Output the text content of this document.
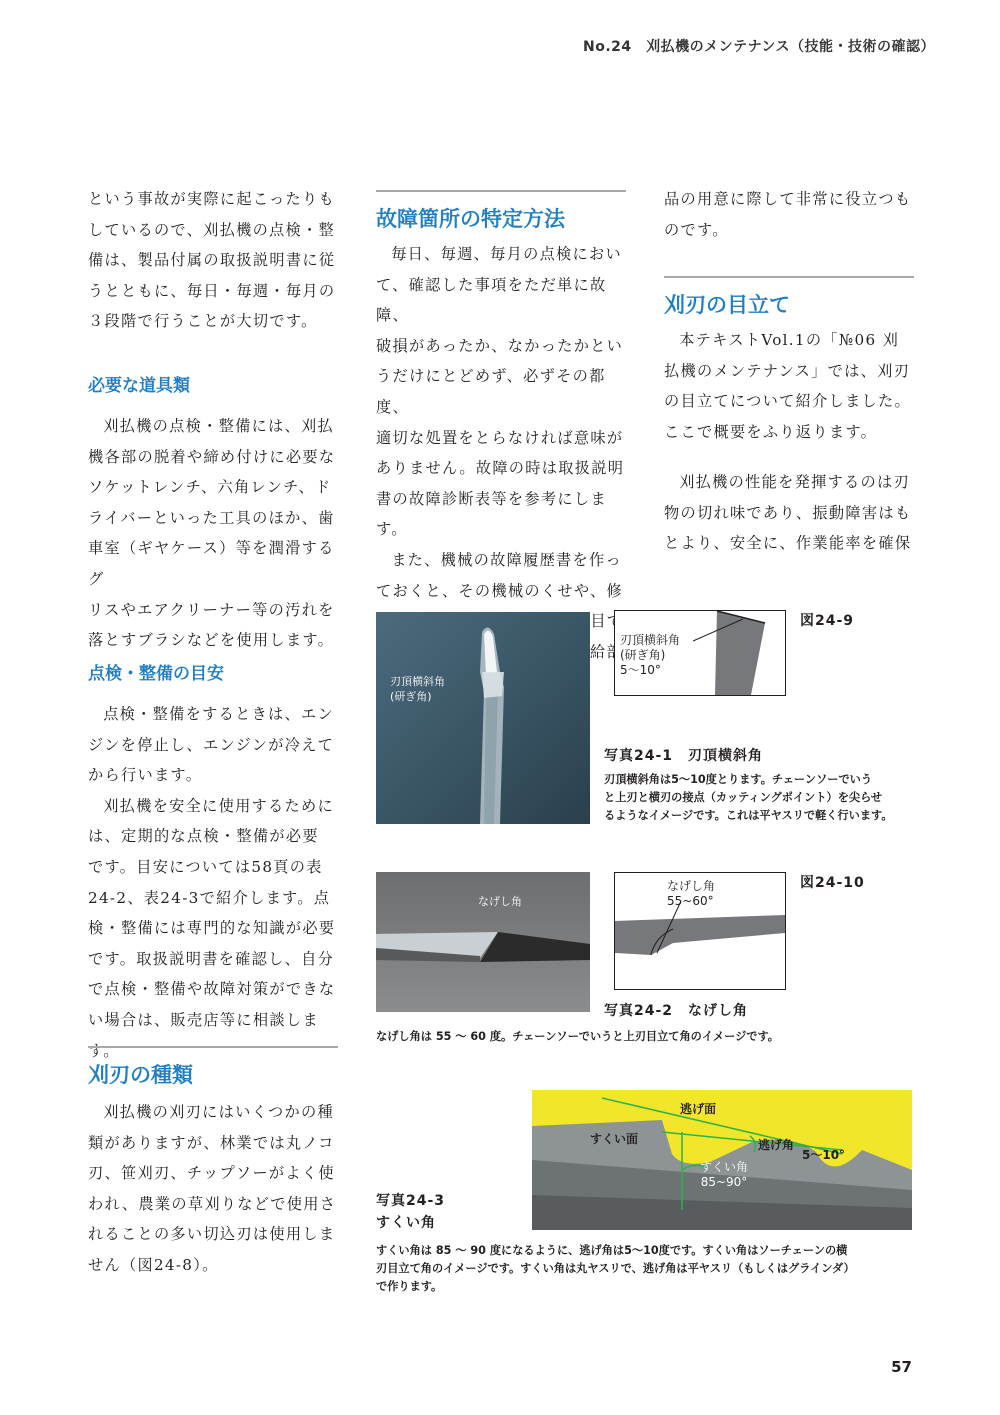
No.24　刈払機のメンテナンス（技能・技術の確認）

という事故が実際に起こったりも

しているので、刈払機の点検・整

備は、製品付属の取扱説明書に従

うとともに、毎日・毎週・毎月の

３段階で行うことが大切です。

必要な道具類

刈払機の点検・整備には、刈払

機各部の脱着や締め付けに必要な

ソケットレンチ、六角レンチ、ド

ライバーといった工具のほか、歯

車室（ギヤケース）等を潤滑するグ

リスやエアクリーナー等の汚れを

落とすブラシなどを使用します。

点検・整備の目安

点検・整備をするときは、エン

ジンを停止し、エンジンが冷えて

から行います。

刈払機を安全に使用するために

は、定期的な点検・整備が必要

です。目安については58頁の表

24-2、表24-3で紹介します。点

検・整備には専門的な知識が必要

です。取扱説明書を確認し、自分

で点検・整備や故障対策ができな

い場合は、販売店等に相談します。

刈刃の種類

刈払機の刈刃にはいくつかの種

類がありますが、林業では丸ノコ

刃、笹刈刃、チップソーがよく使

われ、農業の草刈りなどで使用さ

れることの多い切込刃は使用しま

せん（図24-8）。

故障箇所の特定方法

毎日、毎週、毎月の点検におい

て、確認した事項をただ単に故障、

破損があったか、なかったかとい

うだけにとどめず、必ずその都度、

適切な処置をとらなければ意味が

ありません。故障の時は取扱説明

書の故障診断表等を参考にします。

また、機械の故障履歴書を作っ

ておくと、その機械のくせや、修

品の用意に際して非常に役立つも

のです。

刈刃の目立て

本テキストVol.1の「№06 刈

払機のメンテナンス」では、刈刃

の目立てについて紹介しました。

ここで概要をふり返ります。

刈払機の性能を発揮するのは刃

物の切れ味であり、振動障害はも

とより、安全に、作業能率を確保

刃頂横斜角
(研ぎ角)
刃頂横斜角
(研ぎ角)
5～10°
図24-9
写真24-1　刃頂横斜角
刃頂横斜角は5～10度とります。チェーンソーでいう
と上刃と横刃の接点（カッティングポイント）を尖らせ
るようなイメージです。これは平ヤスリで軽く行います。
なげし角
なげし角
55~60°
図24-10
写真24-2　なげし角
なげし角は 55 ～ 60 度。チェーンソーでいうと上刃目立て角のイメージです。
逃げ面
すくい面	逃げ角
5～10°
すくい角
85~90°
写真24-3
すくい角
すくい角は 85 ～ 90 度になるように、逃げ角は5～10度です。すくい角はソーチェーンの横
刃目立て角のイメージです。すくい角は丸ヤスリで、逃げ角は平ヤスリ（もしくはグラインダ）
で作ります。
57
